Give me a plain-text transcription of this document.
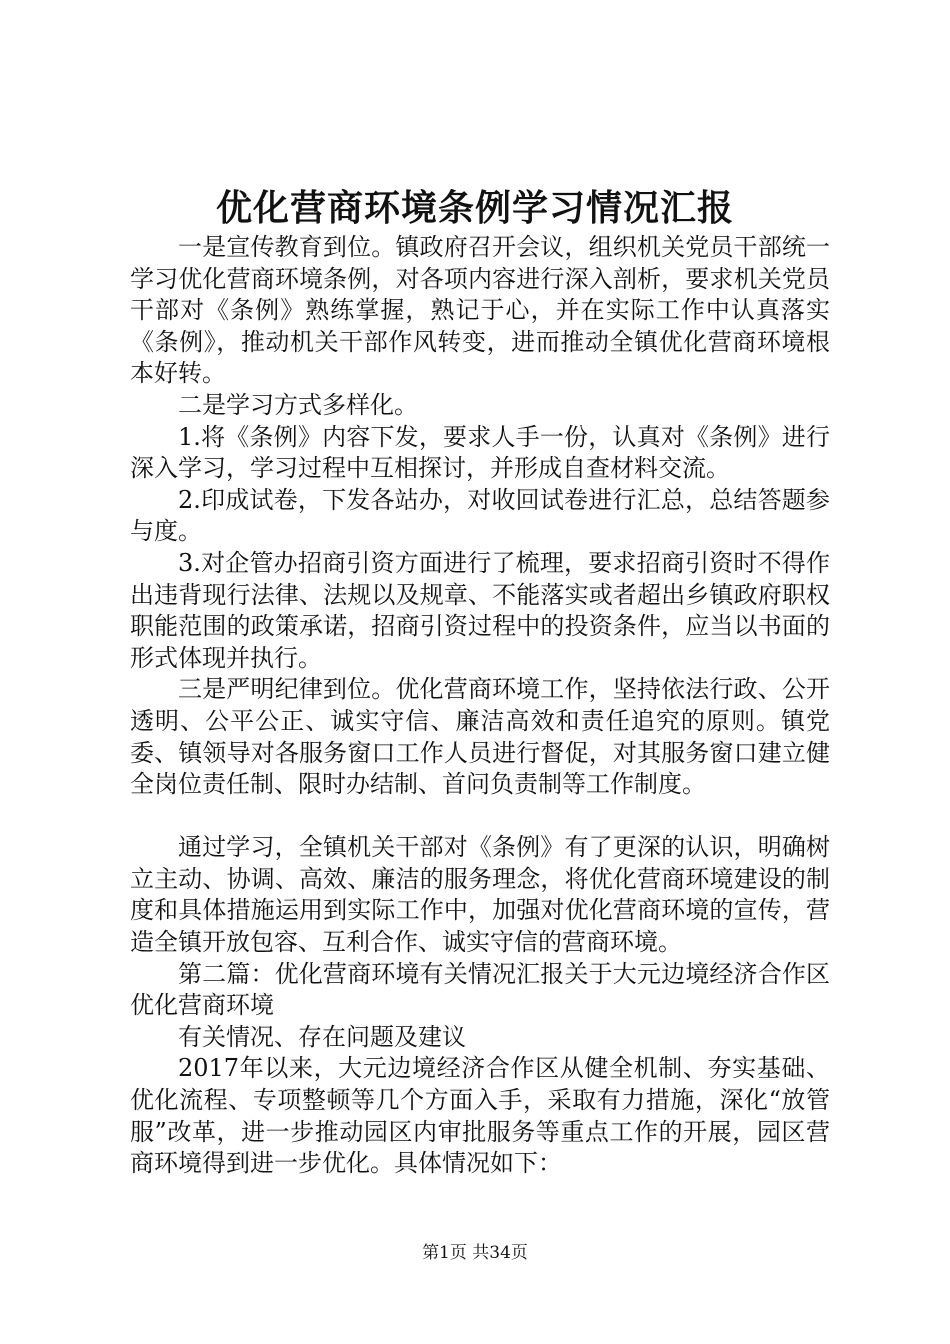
优化营商环境条例学习情况汇报

一是宣传教育到位。镇政府召开会议，组织机关党员干部统一学习优化营商环境条例，对各项内容进行深入剖析，要求机关党员干部对《条例》熟练掌握，熟记于心，并在实际工作中认真落实《条例》，推动机关干部作风转变，进而推动全镇优化营商环境根本好转。

二是学习方式多样化。

1.将《条例》内容下发，要求人手一份，认真对《条例》进行深入学习，学习过程中互相探讨，并形成自查材料交流。

2.印成试卷，下发各站办，对收回试卷进行汇总，总结答题参与度。

3.对企管办招商引资方面进行了梳理，要求招商引资时不得作出违背现行法律、法规以及规章、不能落实或者超出乡镇政府职权职能范围的政策承诺，招商引资过程中的投资条件，应当以书面的形式体现并执行。

三是严明纪律到位。优化营商环境工作，坚持依法行政、公开透明、公平公正、诚实守信、廉洁高效和责任追究的原则。镇党委、镇领导对各服务窗口工作人员进行督促，对其服务窗口建立健全岗位责任制、限时办结制、首问负责制等工作制度。

通过学习，全镇机关干部对《条例》有了更深的认识，明确树立主动、协调、高效、廉洁的服务理念，将优化营商环境建设的制度和具体措施运用到实际工作中，加强对优化营商环境的宣传，营造全镇开放包容、互利合作、诚实守信的营商环境。

第二篇：优化营商环境有关情况汇报关于大元边境经济合作区优化营商环境

有关情况、存在问题及建议

2017年以来，大元边境经济合作区从健全机制、夯实基础、优化流程、专项整顿等几个方面入手，采取有力措施，深化“放管服”改革，进一步推动园区内审批服务等重点工作的开展，园区营商环境得到进一步优化。具体情况如下：

第1页 共34页
